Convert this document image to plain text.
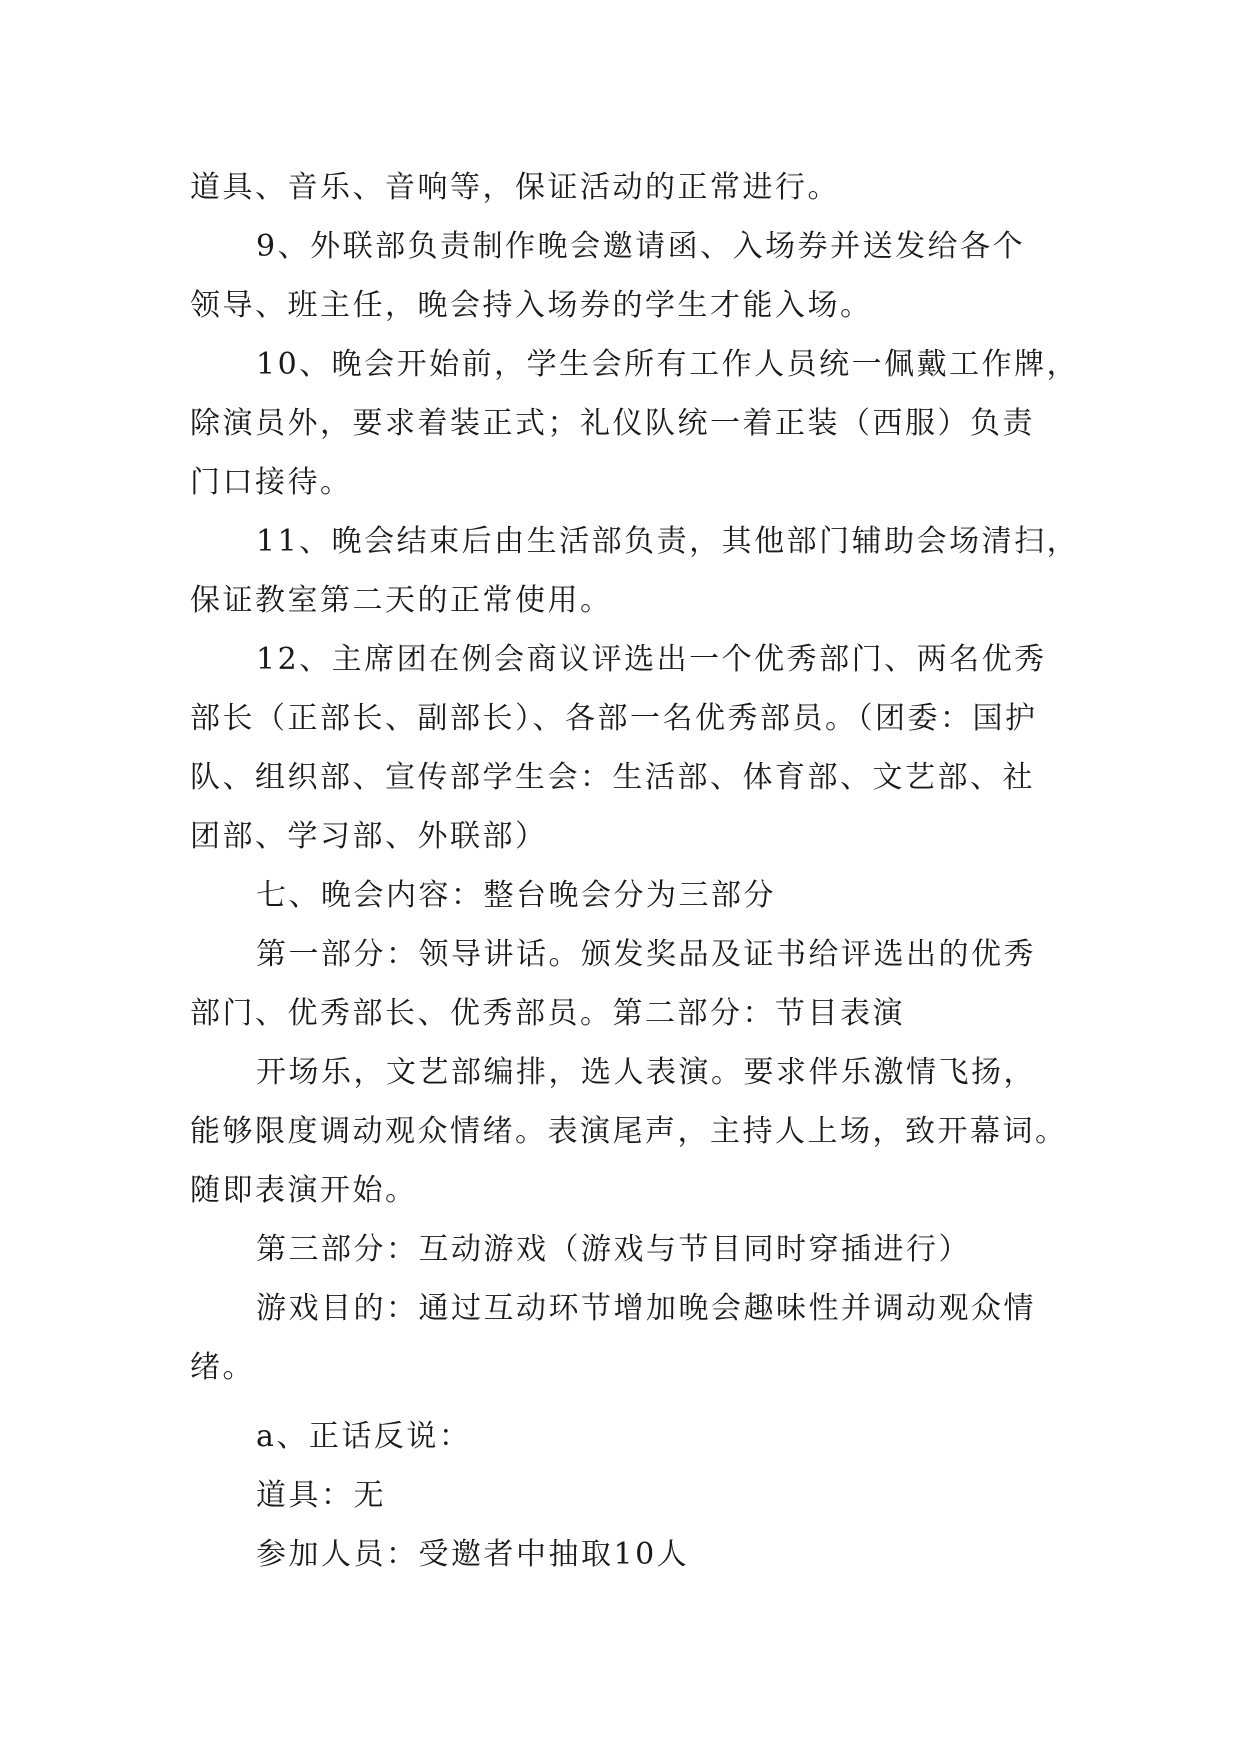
道具、音乐、音响等，保证活动的正常进行。

9、外联部负责制作晚会邀请函、入场券并送发给各个
领导、班主任，晚会持入场券的学生才能入场。

10、晚会开始前，学生会所有工作人员统一佩戴工作牌，
除演员外，要求着装正式；礼仪队统一着正装（西服）负责
门口接待。

11、晚会结束后由生活部负责，其他部门辅助会场清扫，
保证教室第二天的正常使用。

12、主席团在例会商议评选出一个优秀部门、两名优秀
部长（正部长、副部长）、各部一名优秀部员。（团委：国护
队、组织部、宣传部学生会：生活部、体育部、文艺部、社
团部、学习部、外联部）

七、晚会内容：整台晚会分为三部分

第一部分：领导讲话。颁发奖品及证书给评选出的优秀
部门、优秀部长、优秀部员。第二部分：节目表演

开场乐，文艺部编排，选人表演。要求伴乐激情飞扬，
能够限度调动观众情绪。表演尾声，主持人上场，致开幕词。
随即表演开始。

第三部分：互动游戏（游戏与节目同时穿插进行）

游戏目的：通过互动环节增加晚会趣味性并调动观众情
绪。

a、正话反说：

道具：无

参加人员：受邀者中抽取10人
